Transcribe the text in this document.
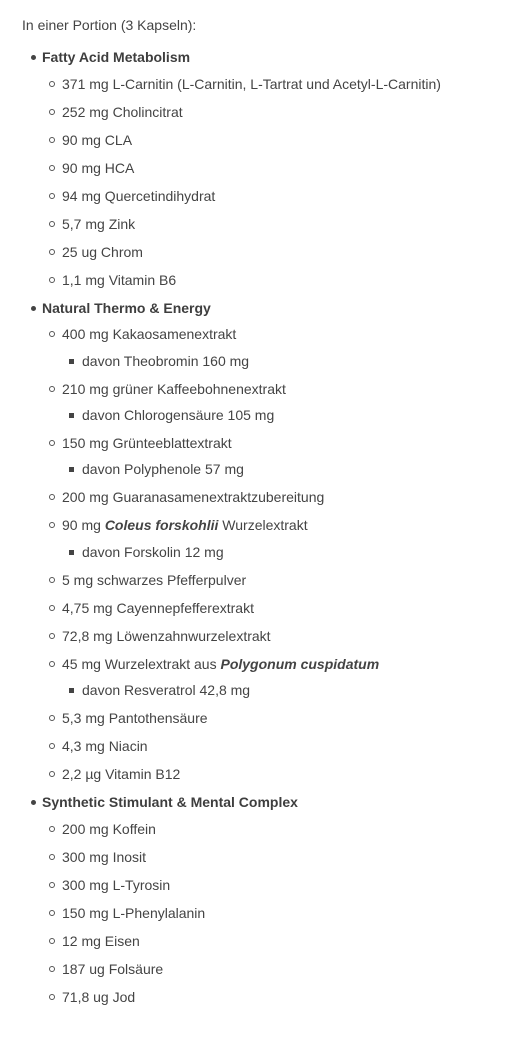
In einer Portion (3 Kapseln):
Fatty Acid Metabolism
371 mg L-Carnitin (L-Carnitin, L-Tartrat und Acetyl-L-Carnitin)
252 mg Cholincitrat
90 mg CLA
90 mg HCA
94 mg Quercetindihydrat
5,7 mg Zink
25 ug Chrom
1,1 mg Vitamin B6
Natural Thermo & Energy
400 mg Kakaosamenextrakt
davon Theobromin 160 mg
210 mg grüner Kaffeebohnenextrakt
davon Chlorogensäure 105 mg
150 mg Grünteeblattextrakt
davon Polyphenole 57 mg
200 mg Guaranasamenextraktzubereitung
90 mg Coleus forskohlii Wurzelextrakt
davon Forskolin 12 mg
5 mg schwarzes Pfefferpulver
4,75 mg Cayennepfefferextrakt
72,8 mg Löwenzahnwurzelextrakt
45 mg Wurzelextrakt aus Polygonum cuspidatum
davon Resveratrol 42,8 mg
5,3 mg Pantothensäure
4,3 mg Niacin
2,2 µg Vitamin B12
Synthetic Stimulant & Mental Complex
200 mg Koffein
300 mg Inosit
300 mg L-Tyrosin
150 mg L-Phenylalanin
12 mg Eisen
187 ug Folsäure
71,8 ug Jod
